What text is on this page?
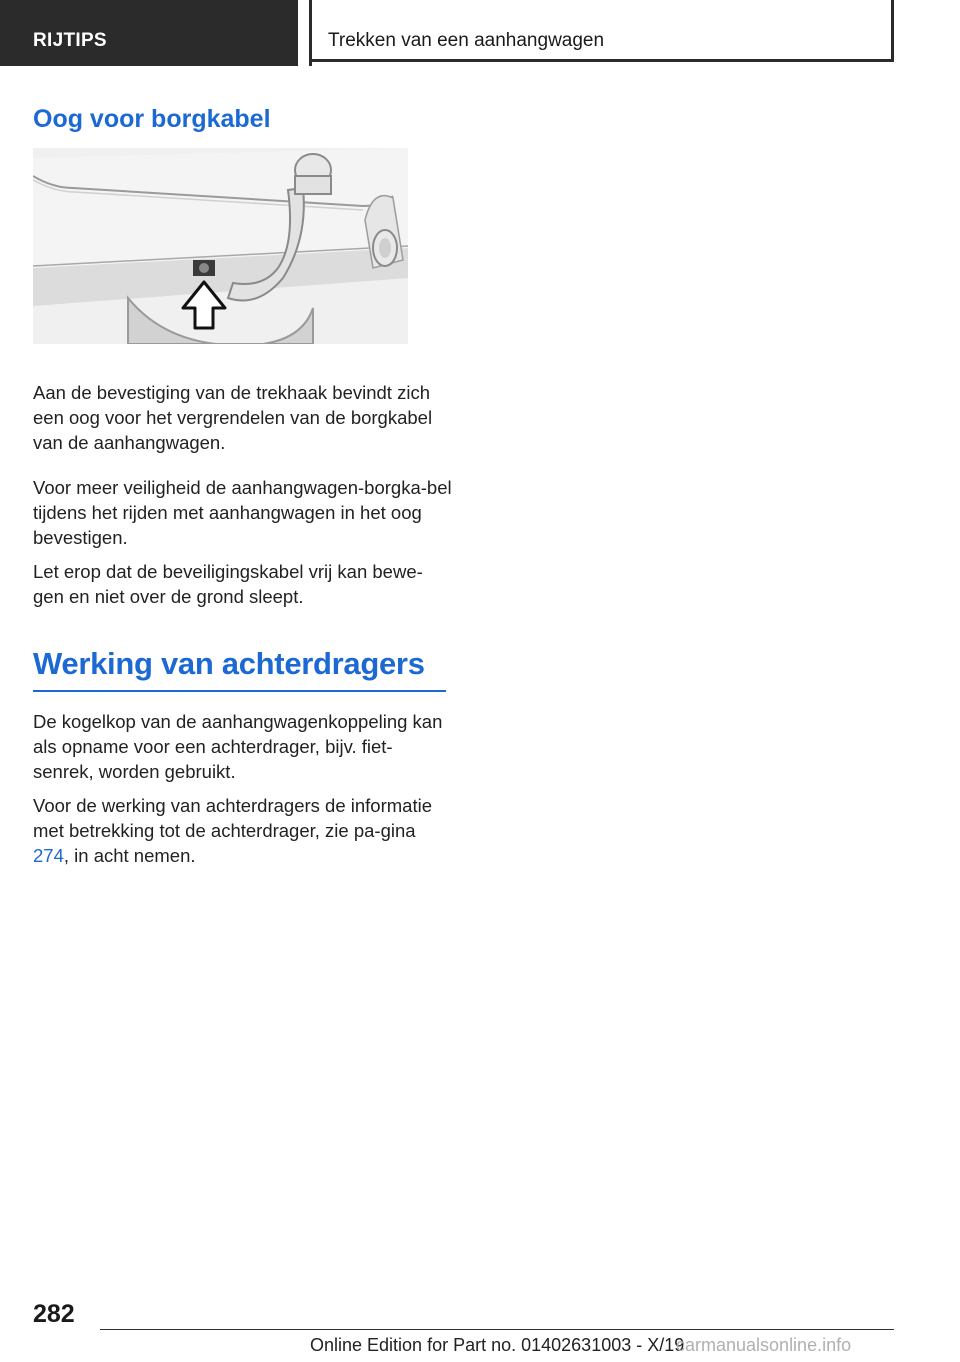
RIJTIPS	Trekken van een aanhangwagen
Oog voor borgkabel

Aan de bevestiging van de trekhaak bevindt zich een oog voor het vergrendelen van de borgkabel van de aanhangwagen.

Voor meer veiligheid de aanhangwagen-borgka-bel tijdens het rijden met aanhangwagen in het oog bevestigen.

Let erop dat de beveiligingskabel vrij kan bewe-gen en niet over de grond sleept.

Werking van achterdragers

De kogelkop van de aanhangwagenkoppeling kan als opname voor een achterdrager, bijv. fiet-senrek, worden gebruikt.

Voor de werking van achterdragers de informatie met betrekking tot de achterdrager, zie pa-gina 274, in acht nemen.

282
Online Edition for Part no. 01402631003 - X/19
carmanualsonline.info
